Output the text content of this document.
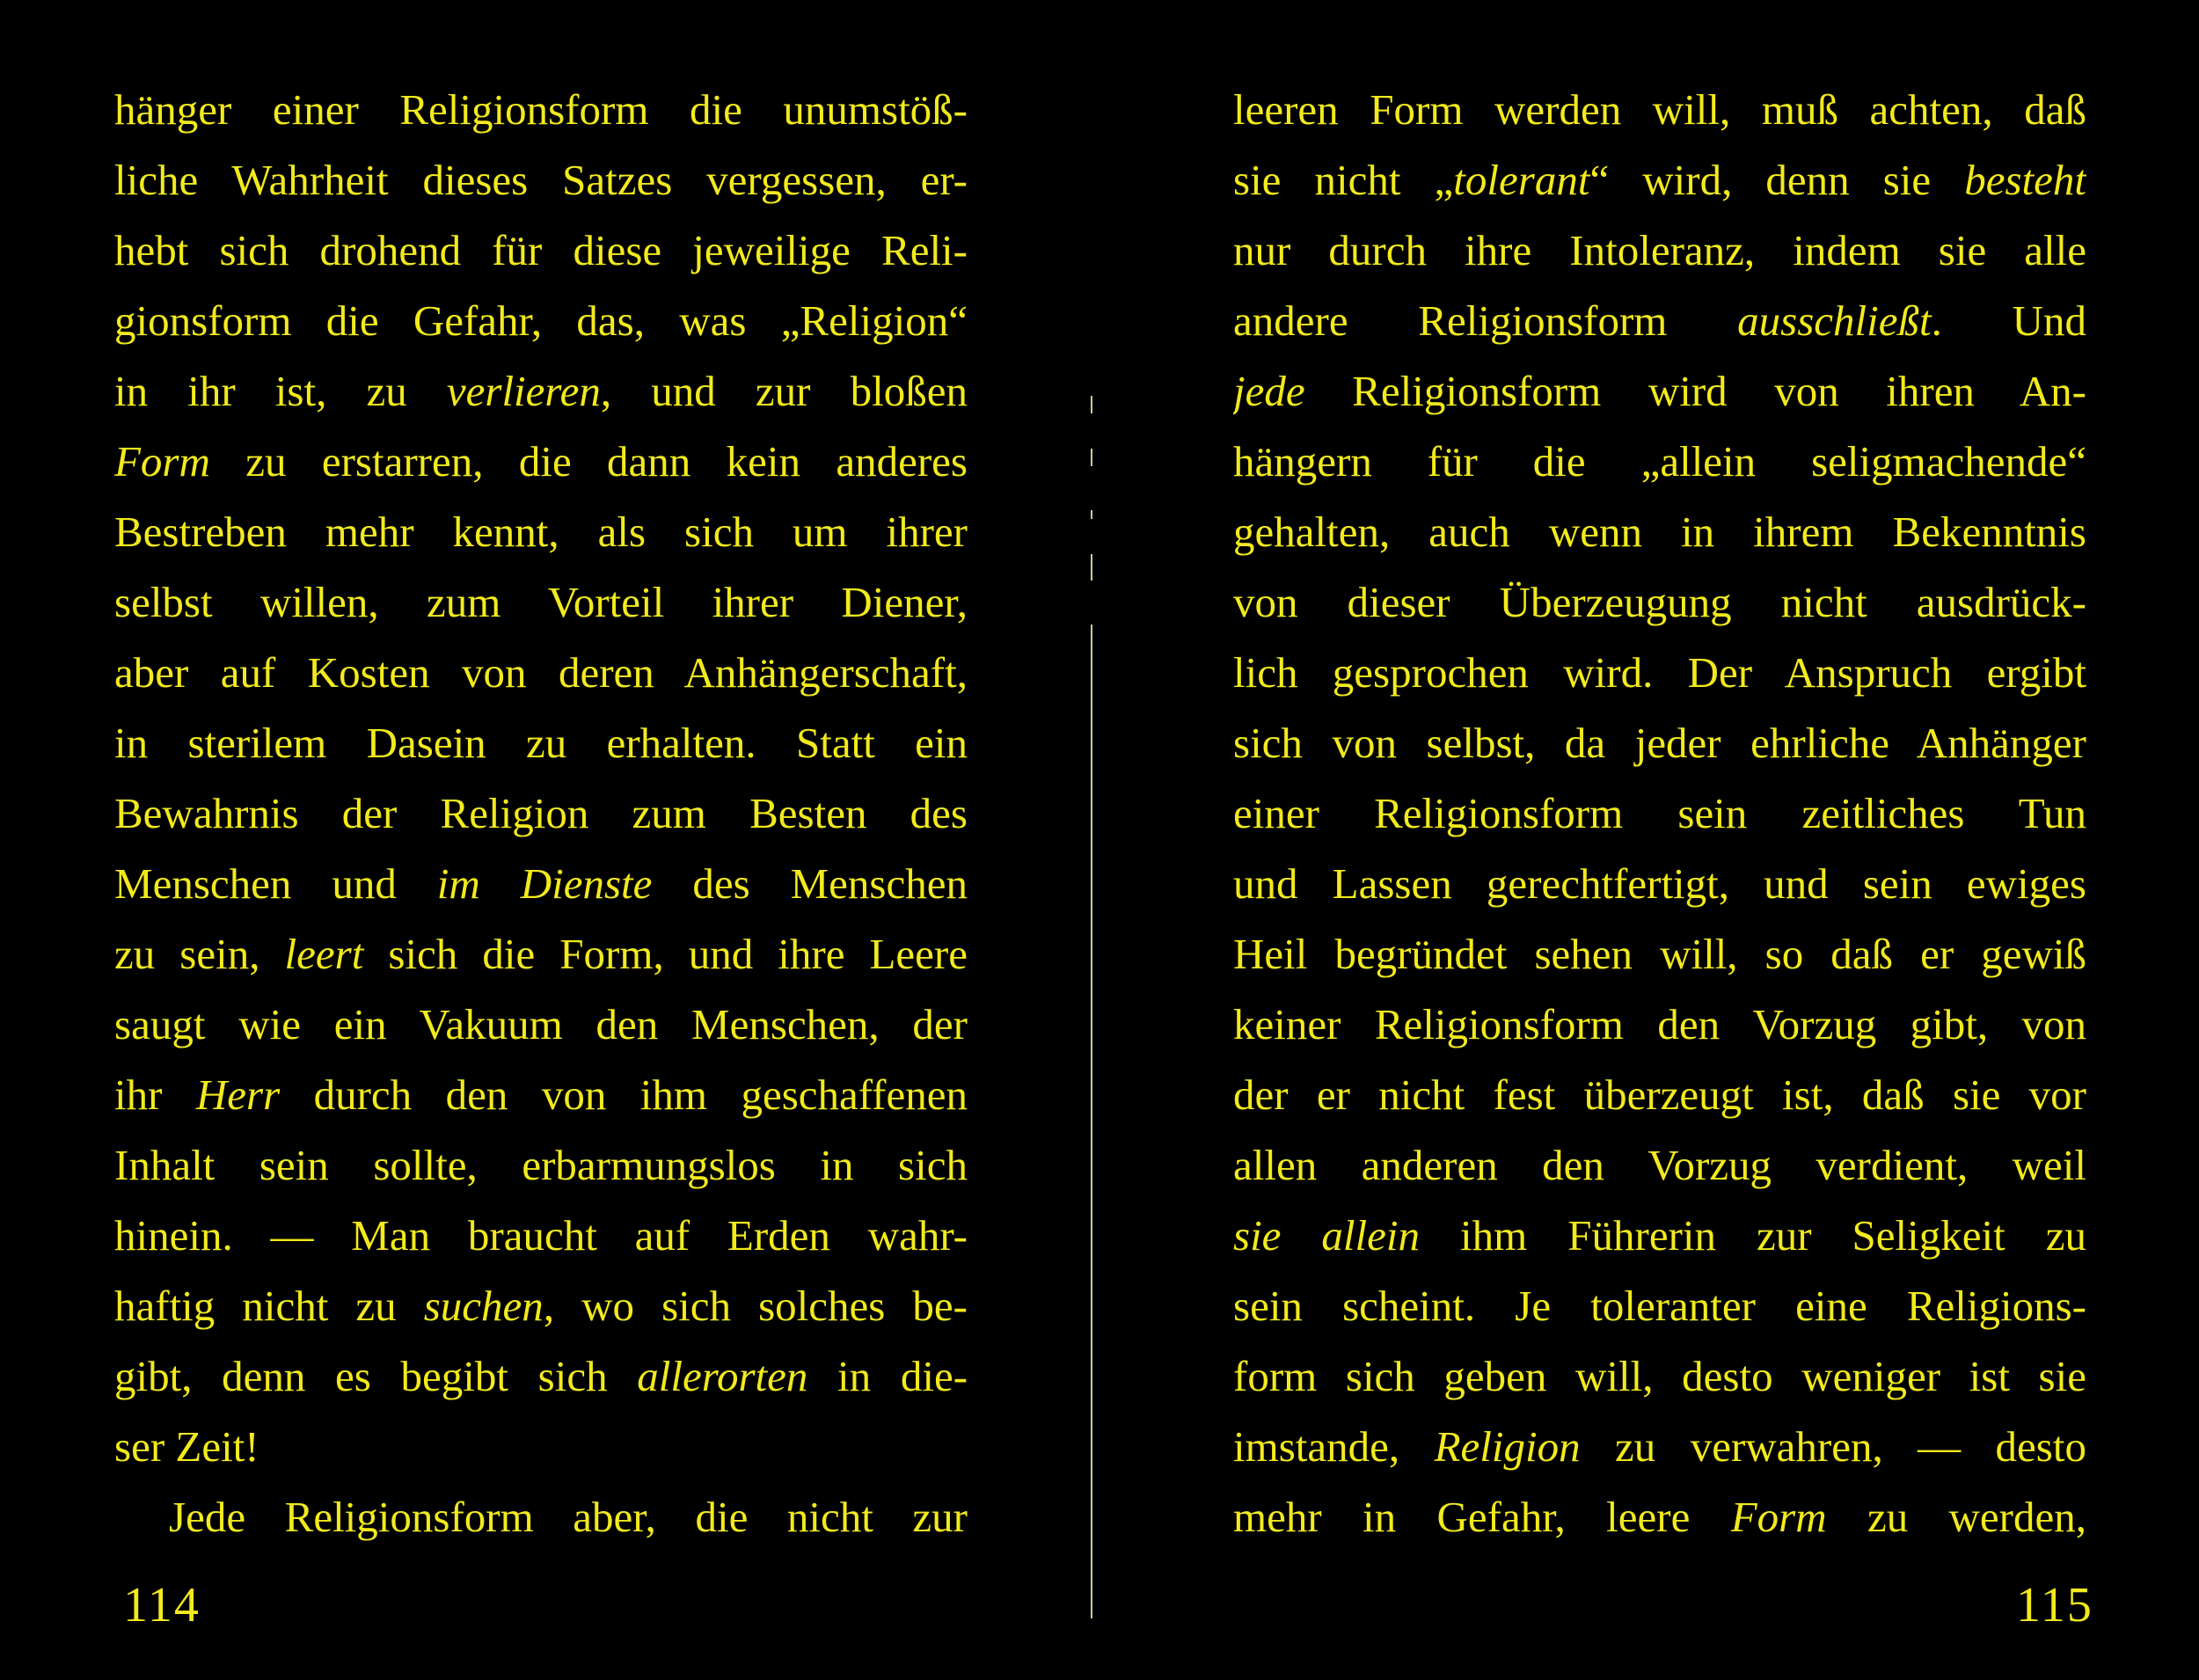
hänger einer Religionsform die unumstöß-
liche Wahrheit dieses Satzes vergessen, er-
hebt sich drohend für diese jeweilige Reli-
gionsform die Gefahr, das, was „Religion“
in ihr ist, zu verlieren, und zur bloßen
Form zu erstarren, die dann kein anderes
Bestreben mehr kennt, als sich um ihrer
selbst willen, zum Vorteil ihrer Diener,
aber auf Kosten von deren Anhängerschaft,
in sterilem Dasein zu erhalten. Statt ein
Bewahrnis der Religion zum Besten des
Menschen und im Dienste des Menschen
zu sein, leert sich die Form, und ihre Leere
saugt wie ein Vakuum den Menschen, der
ihr Herr durch den von ihm geschaffenen
Inhalt sein sollte, erbarmungslos in sich
hinein. — Man braucht auf Erden wahr-
haftig nicht zu suchen, wo sich solches be-
gibt, denn es begibt sich allerorten in die-
ser Zeit!
Jede Religionsform aber, die nicht zur
114
leeren Form werden will, muß achten, daß
sie nicht „tolerant“ wird, denn sie besteht
nur durch ihre Intoleranz, indem sie alle
andere Religionsform ausschließt. Und
jede Religionsform wird von ihren An-
hängern für die „allein seligmachende“
gehalten, auch wenn in ihrem Bekenntnis
von dieser Überzeugung nicht ausdrück-
lich gesprochen wird. Der Anspruch ergibt
sich von selbst, da jeder ehrliche Anhänger
einer Religionsform sein zeitliches Tun
und Lassen gerechtfertigt, und sein ewiges
Heil begründet sehen will, so daß er gewiß
keiner Religionsform den Vorzug gibt, von
der er nicht fest überzeugt ist, daß sie vor
allen anderen den Vorzug verdient, weil
sie allein ihm Führerin zur Seligkeit zu
sein scheint. Je toleranter eine Religions-
form sich geben will, desto weniger ist sie
imstande, Religion zu verwahren, — desto
mehr in Gefahr, leere Form zu werden,
115
